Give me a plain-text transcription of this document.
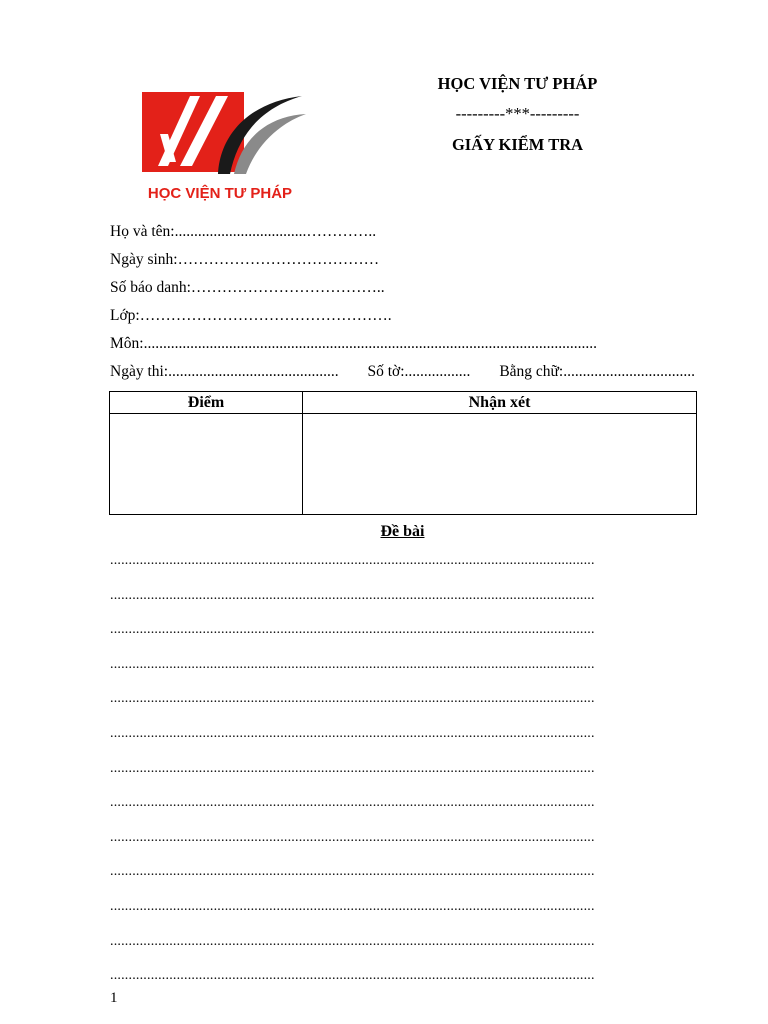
HỌC VIỆN TƯ PHÁP
HỌC VIỆN TƯ PHÁP
---------***---------
GIẤY KIỂM TRA
Họ và tên:..................................…………..
Ngày sinh:…………………………………
Số báo danh:………………………………..
Lớp:………………………………………….
Môn:.....................................................................................................................
Ngày thi:............................................ Số tờ:................. Bằng chữ:..................................
Điểm	Nhận xét

Đề bài
...................................................................................................................................
...................................................................................................................................
...................................................................................................................................
...................................................................................................................................
...................................................................................................................................
...................................................................................................................................
...................................................................................................................................
...................................................................................................................................
...................................................................................................................................
...................................................................................................................................
...................................................................................................................................
...................................................................................................................................
...................................................................................................................................
1
